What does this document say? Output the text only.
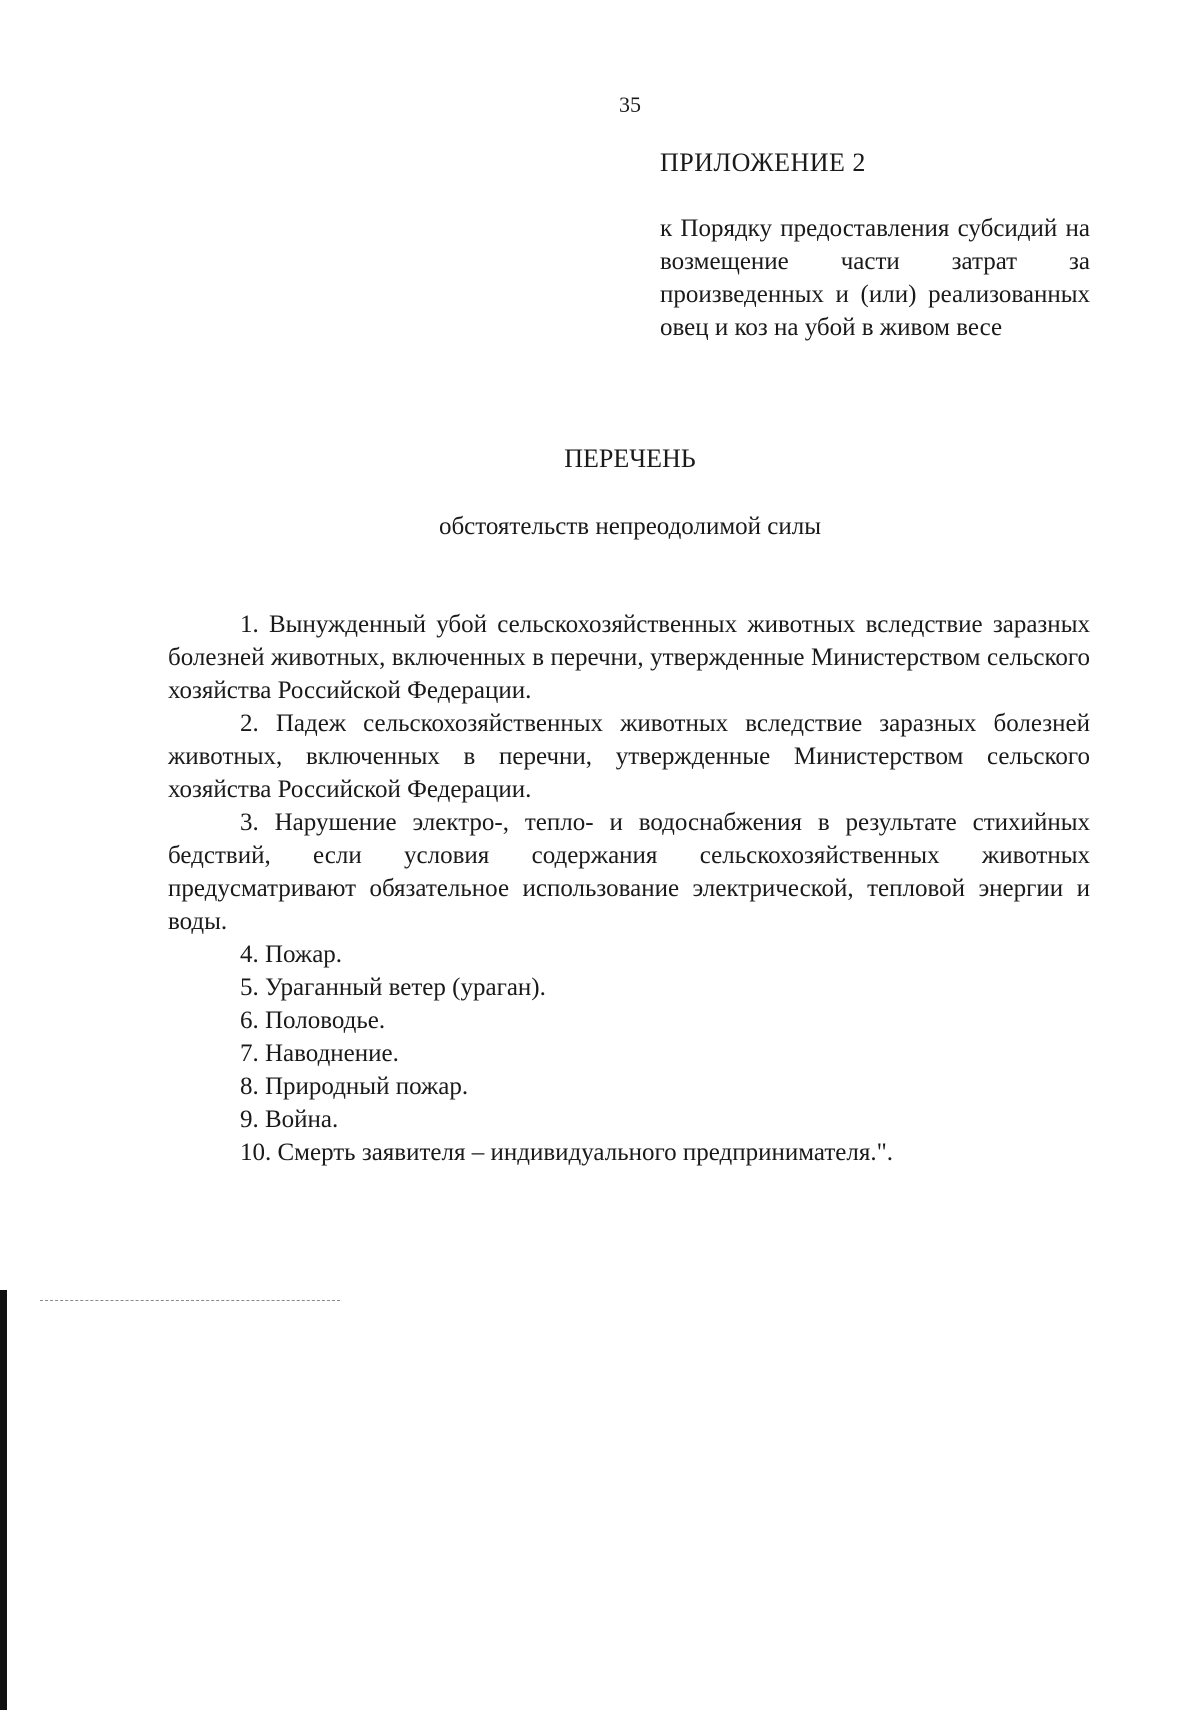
35
ПРИЛОЖЕНИЕ 2
к Порядку предоставления субсидий на возмещение части затрат за произведенных и (или) реализованных овец и коз на убой в живом весе
ПЕРЕЧЕНЬ
обстоятельств непреодолимой силы

1. Вынужденный убой сельскохозяйственных животных вследствие заразных болезней животных, включенных в перечни, утвержденные Министерством сельского хозяйства Российской Федерации.

2. Падеж сельскохозяйственных животных вследствие заразных болезней животных, включенных в перечни, утвержденные Министерством сельского хозяйства Российской Федерации.

3. Нарушение электро-, тепло- и водоснабжения в результате стихийных бедствий, если условия содержания сельскохозяйственных животных предусматривают обязательное использование электрической, тепловой энергии и воды.

4. Пожар.

5. Ураганный ветер (ураган).

6. Половодье.

7. Наводнение.

8. Природный пожар.

9. Война.

10. Смерть заявителя – индивидуального предпринимателя.".
